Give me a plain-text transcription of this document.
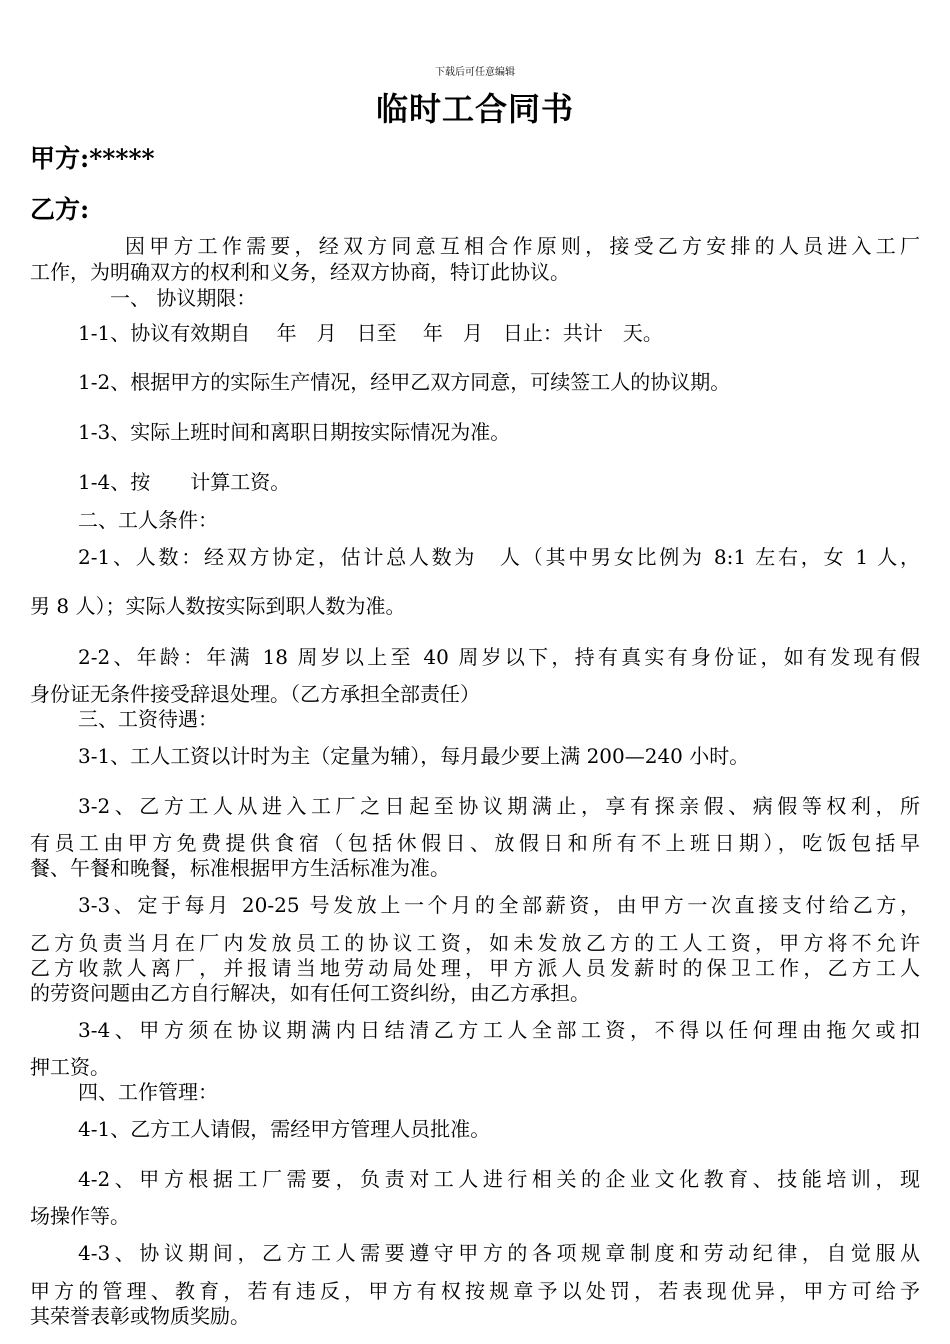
下载后可任意编辑
临时工合同书
甲方:*****
乙方:
因甲方工作需要，经双方同意互相合作原则，接受乙方安排的人员进入工厂
工作，为明确双方的权利和义务，经双方协商，特订此协议。
一、 协议期限：
1-1、协议有效期自　 年　月　日至　 年　月　日止：共计　天。
1-2、根据甲方的实际生产情况，经甲乙双方同意，可续签工人的协议期。
1-3、实际上班时间和离职日期按实际情况为准。
1-4、按　　计算工资。
二、工人条件：
2-1、人数：经双方协定，估计总人数为　人（其中男女比例为 8:1 左右，女 1 人，
男 8 人）；实际人数按实际到职人数为准。
2-2、年龄：年满 18 周岁以上至 40 周岁以下，持有真实有身份证，如有发现有假
身份证无条件接受辞退处理。（乙方承担全部责任）
三、工资待遇：
3-1、工人工资以计时为主（定量为辅），每月最少要上满 200—240 小时。
3-2、乙方工人从进入工厂之日起至协议期满止，享有探亲假、病假等权利，所
有员工由甲方免费提供食宿（包括休假日、放假日和所有不上班日期），吃饭包括早
餐、午餐和晚餐，标准根据甲方生活标准为准。
3-3、定于每月 20-25 号发放上一个月的全部薪资，由甲方一次直接支付给乙方，
乙方负责当月在厂内发放员工的协议工资，如未发放乙方的工人工资，甲方将不允许
乙方收款人离厂，并报请当地劳动局处理，甲方派人员发薪时的保卫工作，乙方工人
的劳资问题由乙方自行解决，如有任何工资纠纷，由乙方承担。
3-4、甲方须在协议期满内日结清乙方工人全部工资，不得以任何理由拖欠或扣
押工资。
四、工作管理：
4-1、乙方工人请假，需经甲方管理人员批准。
4-2、甲方根据工厂需要，负责对工人进行相关的企业文化教育、技能培训，现
场操作等。
4-3、协议期间，乙方工人需要遵守甲方的各项规章制度和劳动纪律，自觉服从
甲方的管理、教育，若有违反，甲方有权按规章予以处罚，若表现优异，甲方可给予
其荣誉表彰或物质奖励。
